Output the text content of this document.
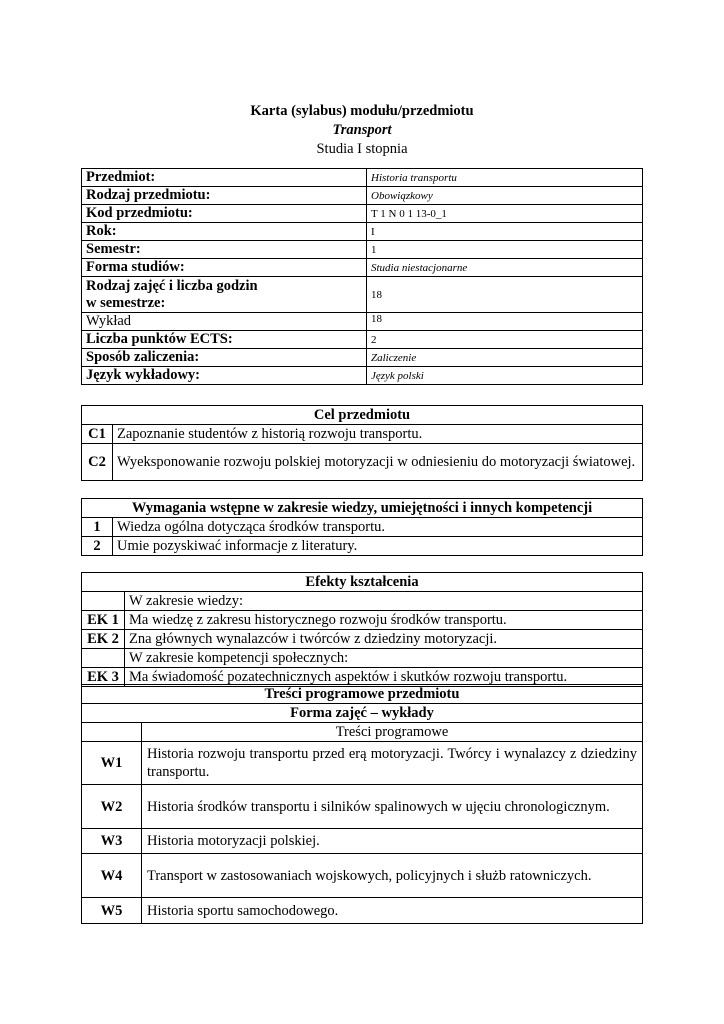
Karta (sylabus) modułu/przedmiotu
Transport
Studia I stopnia
Przedmiot:	Historia transportu
Rodzaj przedmiotu:	Obowiązkowy
Kod przedmiotu:	T 1 N 0 1 13-0_1
Rok:	I
Semestr:	1
Forma studiów:	Studia niestacjonarne

Rodzaj zajęć i liczba godzin
w semestrze:	18
Wykład	18
Liczba punktów ECTS:	2
Sposób zaliczenia:	Zaliczenie
Język wykładowy:	Język polski
Cel przedmiotu	
C1	Zapoznanie studentów z historią rozwoju transportu.
C2	Wyeksponowanie rozwoju polskiej motoryzacji w odniesieniu do motoryzacji światowej.
Wymagania wstępne w zakresie wiedzy, umiejętności i innych kompetencji	
1	Wiedza ogólna dotycząca środków transportu.
2	Umie pozyskiwać informacje z literatury.
Efekty kształcenia	
	W zakresie wiedzy:
EK 1	Ma wiedzę z zakresu historycznego rozwoju środków transportu.
EK 2	Zna głównych wynalazców i twórców z dziedziny motoryzacji.
	W zakresie kompetencji społecznych:
EK 3	Ma świadomość pozatechnicznych aspektów i skutków rozwoju transportu.
Treści programowe przedmiotu	
Forma zajęć – wykłady	
	Treści programowe
W1	Historia rozwoju transportu przed erą motoryzacji. Twórcy i wynalazcy z dziedziny transportu.
W2	Historia środków transportu i silników spalinowych w ujęciu chronologicznym.
W3	Historia motoryzacji polskiej.
W4	Transport w zastosowaniach wojskowych, policyjnych i służb ratowniczych.
W5	Historia sportu samochodowego.
